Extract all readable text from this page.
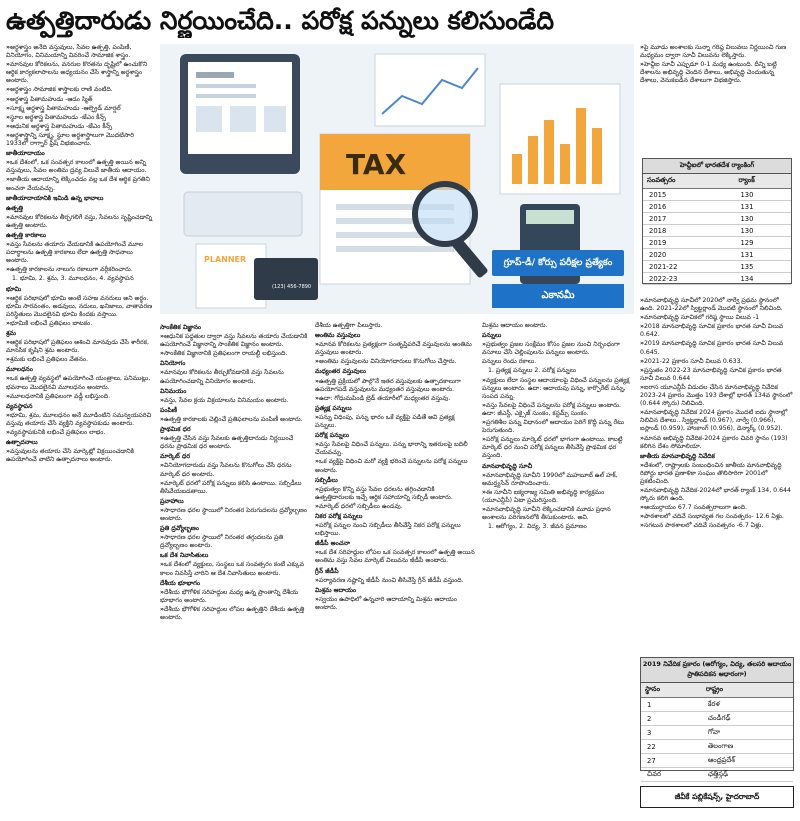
ఉత్పత్తిదారుడు నిర్ణయించేది.. పరోక్ష పన్నులు కలిసుండేది

» అర్థశాస్త్రం అనేది వస్తువులు, సేవల ఉత్పత్తి, పంపిణీ, వినియోగం, వినిమయాన్ని వివరించే సామాజిక శాస్త్రం.

» మానవుల కోరికలను, వనరుల కొరతను దృష్టిలో ఉంచుకొని ఆర్థిక కార్యకలాపాలను అధ్యయనం చేసే శాస్త్రాన్ని అర్థశాస్త్రం అంటారు.

» అర్థశాస్త్రం సామాజిక శాస్త్రాలకు రాణి వంటిది.

» అర్థశాస్త్ర పితామహుడు -ఆడం స్మిత్

» సూక్ష్మ అర్థశాస్త్ర పితామహుడు -ఆల్ఫ్రెడ్ మార్షల్

» స్థూల అర్థశాస్త్ర పితామహుడు -జేఎం కీన్స్

» ఆధునిక అర్థశాస్త్ర పితామహుడు -జేఎం కీన్స్

» అర్థశాస్త్రాన్ని సూక్ష్మ, స్థూల అర్థశాస్త్రాలుగా మొదటిసారి 1933లో రాగ్నార్ ఫ్రిష్ విభజించారు.

జాతీయాదాయం

» ఒక దేశంలో, ఒక సంవత్సర కాలంలో ఉత్పత్తి అయిన అన్ని వస్తువులు, సేవల అంతిమ ద్రవ్య విలువే జాతీయ ఆదాయం.

» జాతీయ ఆదాయాన్ని లెక్కించడం వల్ల ఒక దేశ ఆర్థిక ప్రగతిని అంచనా వేయవచ్చు.

జాతీయాదాయానికి ఇమిడి ఉన్న భావాలు

ఉత్పత్తి

» మానవుల కోరికలను తీర్చగలిగే వస్తు, సేవలను సృష్టించడాన్ని ఉత్పత్తి అంటారు.

ఉత్పత్తి కారకాలు

» వస్తు సేవలను తయారు చేయడానికి ఉపయోగించే మూల పదార్థాలను ఉత్పత్తి కారకాలు లేదా ఉత్పత్తి సాధనాలు అంటారు.

» ఉత్పత్తి కారకాలను నాలుగు రకాలుగా వర్గీకరించారు.

1. భూమి, 2. శ్రమ, 3. మూలధనం, 4. వ్యవస్థాపన

భూమి

» ఆర్థిక పరిభాషలో భూమి అంటే సహజ వనరులు అని అర్థం. భూమి సారవంతం, అడవులు, నదులు, ఖనిజాలు, వాతావరణ పరిస్థితులు మొదలైనవి భూమి కిందకు వస్తాయి.

» భూమికి లభించే ప్రతిఫలం బాటకం.

శ్రమ

» ఆర్థిక పరిభాషలో ప్రతిఫలం ఆశించి మానవుడు చేసే శారీరక, మానసిక కృషిని శ్రమ అంటారు.

» శ్రమకు లభించే ప్రతిఫలం వేతనం.

మూలధనం

» ఒక ఉత్పత్తి వ్యవస్థలో ఉపయోగించే యంత్రాలు, పనిముట్లు, భవనాలు మొదలైనవి మూలధనం అంటారు.

» మూలధనానికి ప్రతిఫలంగా వడ్డీ లభిస్తుంది.

వ్యవస్థాపన

» భూమి, శ్రమ, మూలధనం అనే మూడింటిని సమన్వయపరిచి వస్తువు తయారు చేసే వ్యక్తిని వ్యవస్థాపకుడు అంటారు.

» వ్యవస్థాపకునికి లభించే ప్రతిఫలం లాభం.

ఉత్పాదనాలు

» వస్తువులను తయారు చేసి మార్కెట్లో విక్రయించడానికి ఉపయోగించే వాటిని ఉత్పాదనాలు అంటారు.

TAX
PLANNER
(123) 456-7890
గ్రూప్-డీ/ కోర్సు పరీక్షల ప్రత్యేకం
ఎకానమీ

సాంకేతిక విజ్ఞానం

» ఆధునిక పద్ధతుల ద్వారా వస్తు సేవలను తయారు చేయడానికి ఉపయోగించే విజ్ఞానాన్ని సాంకేతిక విజ్ఞానం అంటారు.

» సాంకేతిక విజ్ఞానానికి ప్రతిఫలంగా రాయల్టీ లభిస్తుంది.

వినియోగం

» మానవుల కోరికలను తీర్చుకోవడానికి వస్తు సేవలను ఉపయోగించడాన్ని వినియోగం అంటారు.

వినిమయం

» వస్తు, సేవల క్రయ విక్రయాలను వినిమయం అంటారు.

పంపిణీ

» ఉత్పత్తి కారకాలకు చెల్లించే ప్రతిఫలాలను పంపిణీ అంటారు.

ప్రాథమిక ధర

» ఉత్పత్తి చేసిన వస్తు సేవలకు ఉత్పత్తిదారుడు నిర్ణయించే ధరను ప్రాథమిక ధర అంటారు.

మార్కెట్ ధర

» వినియోగదారుడు వస్తు సేవలను కొనుగోలు చేసే ధరను మార్కెట్ ధర అంటారు.

» మార్కెట్ ధరలో పరోక్ష పన్నులు కలిసి ఉంటాయి. సబ్సిడీలు తీసివేయబడతాయి.

ప్రవాహాలు

» సాధారణ ధరల స్థాయిలో నిరంతర పెరుగుదలను ద్రవ్యోల్బణం అంటారు.

ప్రతి ద్రవ్యోల్బణం

» సాధారణ ధరల స్థాయిలో నిరంతర తగ్గుదలను ప్రతి ద్రవ్యోల్బణం అంటారు.

ఒక దేశ నివాసితులు

» ఒక దేశంలో వ్యక్తులు, సంస్థలు ఒక సంవత్సరం కంటే ఎక్కువ కాలం నివసిస్తే వారిని ఆ దేశ నివాసితులు అంటారు.

దేశీయ భూభాగం

» దేశీయ భౌగోళిక సరిహద్దుల మధ్య ఉన్న ప్రాంతాన్ని దేశీయ భూభాగం అంటారు.

» దేశీయ భౌగోళిక సరిహద్దుల లోపల ఉత్పత్తిని దేశీయ ఉత్పత్తి అంటారు.

దేశీయ ఉత్పత్తిగా పిలుస్తారు.

అంతిమ వస్తువులు

» మానవ కోరికలను ప్రత్యక్షంగా సంతృప్తిపరిచే వస్తువులను అంతిమ వస్తువులు అంటారు.

» అంతిమ వస్తువులను వినియోగదారులు కొనుగోలు చేస్తారు.

మధ్యంతర వస్తువులు

» ఉత్పత్తి ప్రక్రియలో పాల్గొనే ఇతర వస్తువులకు ఉత్పాదకాలుగా ఉపయోగపడే వస్తువులను మధ్యంతర వస్తువులు అంటారు.

» ఉదా: గోధుమపిండి బ్రెడ్ తయారీలో మధ్యంతర వస్తువు.

ప్రత్యక్ష పన్నులు

» పన్ను విధింపు, పన్ను భారం ఒకే వ్యక్తిపై పడితే అవి ప్రత్యక్ష పన్నులు.

పరోక్ష పన్నులు

» వస్తు సేవలపై విధించే పన్నులు. పన్ను భారాన్ని ఇతరులపై బదిలీ చేయవచ్చు.

» ఒక వ్యక్తిపై విధించి మరో వ్యక్తి భరించే పన్నులను పరోక్ష పన్నులు అంటారు.

సబ్సిడీలు

» ప్రభుత్వం కొన్ని వస్తు సేవల ధరలను తగ్గించడానికి ఉత్పత్తిదారులకు ఇచ్చే ఆర్థిక సహాయాన్ని సబ్సిడీ అంటారు.

» మార్కెట్ ధరలో సబ్సిడీలు ఉండవు.

నికర పరోక్ష పన్నులు

» పరోక్ష పన్నుల నుంచి సబ్సిడీలు తీసివేస్తే నికర పరోక్ష పన్నులు లభిస్తాయి.

జీడీపీ అంచనా

» ఒక దేశ సరిహద్దుల లోపల ఒక సంవత్సర కాలంలో ఉత్పత్తి అయిన అంతిమ వస్తు సేవల మార్కెట్ విలువను జీడీపీ అంటారు.

గ్రీన్ జీడీపీ

» పర్యావరణ నష్టాన్ని జీడీపీ నుంచి తీసివేస్తే గ్రీన్ జీడీపీ వస్తుంది.

మిశ్రమ ఆదాయం

» స్వయం ఉపాధిలో ఉన్నవారి ఆదాయాన్ని మిశ్రమ ఆదాయం అంటారు.

మిశ్రమ ఆదాయం అంటారు.

పన్నులు

» ప్రభుత్వం ప్రజల సంక్షేమం కోసం ప్రజల నుంచి నిర్బంధంగా వసూలు చేసే చెల్లింపులను పన్నులు అంటారు.

పన్నులు రెండు రకాలు.

1. ప్రత్యక్ష పన్నులు 2. పరోక్ష పన్నులు

» వ్యక్తులు లేదా సంస్థల ఆదాయాలపై విధించే పన్నులను ప్రత్యక్ష పన్నులు అంటారు. ఉదా: ఆదాయపు పన్ను, కార్పొరేట్ పన్ను, సంపద పన్ను.

» వస్తు సేవలపై విధించే పన్నులను పరోక్ష పన్నులు అంటారు. ఉదా: జీఎస్టీ, ఎక్సైజ్ సుంకం, కస్టమ్స్ సుంకం.

» ప్రగతిశీల పన్ను విధానంలో ఆదాయం పెరిగే కొద్దీ పన్ను రేటు పెరుగుతుంది.

» పరోక్ష పన్నులు మార్కెట్ ధరలో భాగంగా ఉంటాయి. కాబట్టి మార్కెట్ ధర నుంచి పరోక్ష పన్నులు తీసివేస్తే ప్రాథమిక ధర వస్తుంది.

మానవాభివృద్ధి సూచీ

» మానవాభివృద్ధి సూచీని 1990లో మహబూబ్ ఉల్ హక్, అమర్త్యసేన్ రూపొందించారు.

» ఈ సూచీని ఐక్యరాజ్య సమితి అభివృద్ధి కార్యక్రమం (యూఎన్డీపీ) ఏటా ప్రచురిస్తుంది.

» మానవాభివృద్ధి సూచీని లెక్కించడానికి మూడు ప్రధాన అంశాలను పరిగణనలోకి తీసుకుంటారు. అవి.

1. ఆరోగ్యం, 2. విద్య, 3. జీవన ప్రమాణం

» పై మూడు అంశాలకు సున్నా గరిష్ఠ విలువలు నిర్ణయించి గుణ మధ్యమం ద్వారా సూచీ విలువను లెక్కిస్తారు.

» హెచ్డీఐ సూచీ ఎప్పుడూ 0-1 మధ్య ఉంటుంది. దీన్ని బట్టి దేశాలను అభివృద్ధి చెందిన దేశాలు, అభివృద్ధి చెందుతున్న దేశాలు, వెనుకబడిన దేశాలుగా విభజిస్తారు.

హెచ్డీఐలో భారతదేశ ర్యాంకింగ్
సంవత్సరం	ర్యాంక్
2015	130
2016	131
2017	130
2018	130
2019	129
2020	131
2021-22	135
2022-23	134

» మానవాభివృద్ధి సూచీలో 2020లో నార్వే ప్రథమ స్థానంలో ఉంది. 2021-22లో స్విట్జర్లాండ్ మొదటి స్థానంలో నిలిచింది.

» మానవాభివృద్ధి సూచికలో గరిష్ఠ స్థాయి విలువ -1

» 2018 మానవాభివృద్ధి సూచిక ప్రకారం భారత సూచీ విలువ 0.642.

» 2019 మానవాభివృద్ధి సూచిక ప్రకారం భారత సూచీ విలువ 0.645.

» 2021-22 ప్రకారం సూచీ విలువ 0.633.

» ప్రస్తుతం 2022-23 మానవాభివృద్ధి సూచిక ప్రకారం భారత సూచీ విలువ 0.644

» ఐరాస యూఎన్డీపీ విడుదల చేసిన మానవాభివృద్ధి నివేదిక 2023-24 ప్రకారం మొత్తం 193 దేశాల్లో భారత్ 134వ స్థానంలో (0.644 స్కోరు) నిలిచింది.

» మానవాభివృద్ధి నివేదిక 2024 ప్రకారం మొదటి ఐదు స్థానాల్లో నిలిచిన దేశాలు.. స్విట్జర్లాండ్ (0.967), నార్వే (0.966), ఐస్లాండ్ (0.959), హాంకాంగ్ (0.956), డెన్మార్క్ (0.952).

» మానవ అభివృద్ధి నివేదిక-2024 ప్రకారం చివరి స్థానం (193) కలిగిన దేశం సోమాలియా.

జాతీయ మానవాభివృద్ధి నివేదిక

» దేశంలో, రాష్ట్రాలకు సంబంధించిన జాతీయ మానవాభివృద్ధి రిపోర్టు భారత ప్రణాళికా సంఘం తొలిసారిగా 2001లో ప్రకటించింది.

» మానవాభివృద్ధి నివేదిక-2024లో భారత్ ర్యాంక్ 134, 0.644 స్కోరు కలిగి ఉంది.

» ఆయుర్దాయం 67.7 సంవత్సరాలుగా ఉంది.

» పాఠశాలలో చదివే సంభావ్యత గల సంవత్సరం- 12.6 ఏళ్లు.

» సగటున పాఠశాలలో చదివే సంవత్సరం -6.7 ఏళ్లు.

2019 నివేదిక ప్రకారం (ఆరోగ్యం, విద్య, తలసరి ఆదాయం ప్రాతిపదికన ఆధారంగా)
స్థానం	రాష్ట్రం
1	కేరళ
2	చండీగఢ్
3	గోవా
22	తెలంగాణ
27	ఆంధ్రప్రదేశ్
చివర	ఛత్తీస్గఢ్
జీవీకే పబ్లికేషన్స్, హైదరాబాద్
